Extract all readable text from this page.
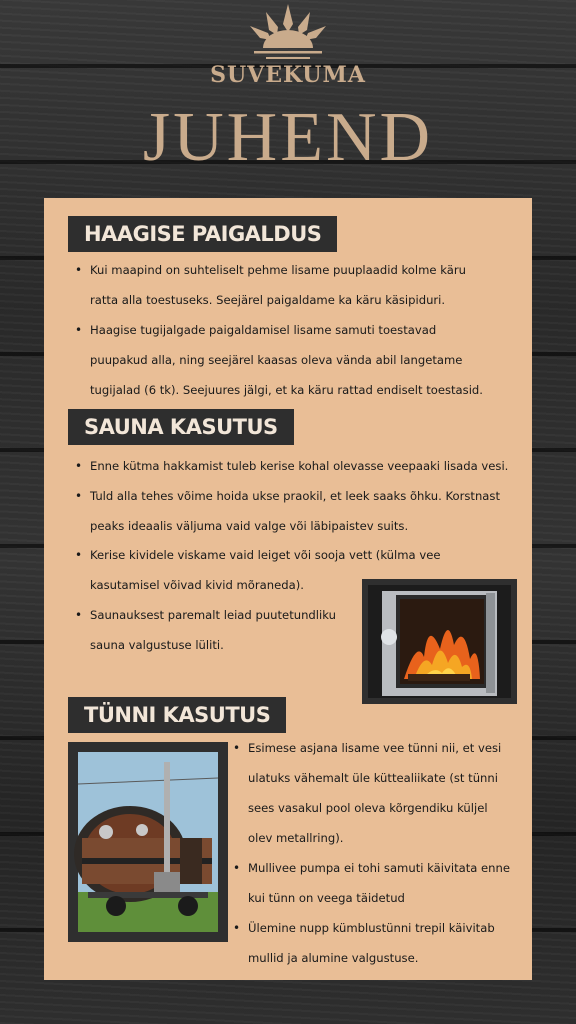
SUVEKUMA
JUHEND
HAAGISE PAIGALDUS
• Kui maapind on suhteliselt pehme lisame puuplaadid kolme käru ratta alla toestuseks. Seejärel paigaldame ka käru käsipiduri.
• Haagise tugijalgade paigaldamisel lisame samuti toestavad puupakud alla, ning seejärel kaasas oleva vända abil langetame tugijalad (6 tk). Seejuures jälgi, et ka käru rattad endiselt toestasid.
SAUNA KASUTUS
• Enne kütma hakkamist tuleb kerise kohal olevasse veepaaki lisada vesi.
• Tuld alla tehes võime hoida ukse praokil, et leek saaks õhku. Korstnast peaks ideaalis väljuma vaid valge või läbipaistev suits.
• Kerise kividele viskame vaid leiget või sooja vett (külma vee kasutamisel võivad kivid mõraneda).
• Saunauksest paremalt leiad puutetundliku sauna valgustuse lüliti.
TÜNNI KASUTUS
• Esimese asjana lisame vee tünni nii, et vesi ulatuks vähemalt üle küttealiikate (st tünni sees vasakul pool oleva kõrgendiku küljel olev metallring).
• Mullivee pumpa ei tohi samuti käivitata enne kui tünn on veega täidetud
• Ülemine nupp kümblustünni trepil käivitab mullid ja alumine valgustuse.
